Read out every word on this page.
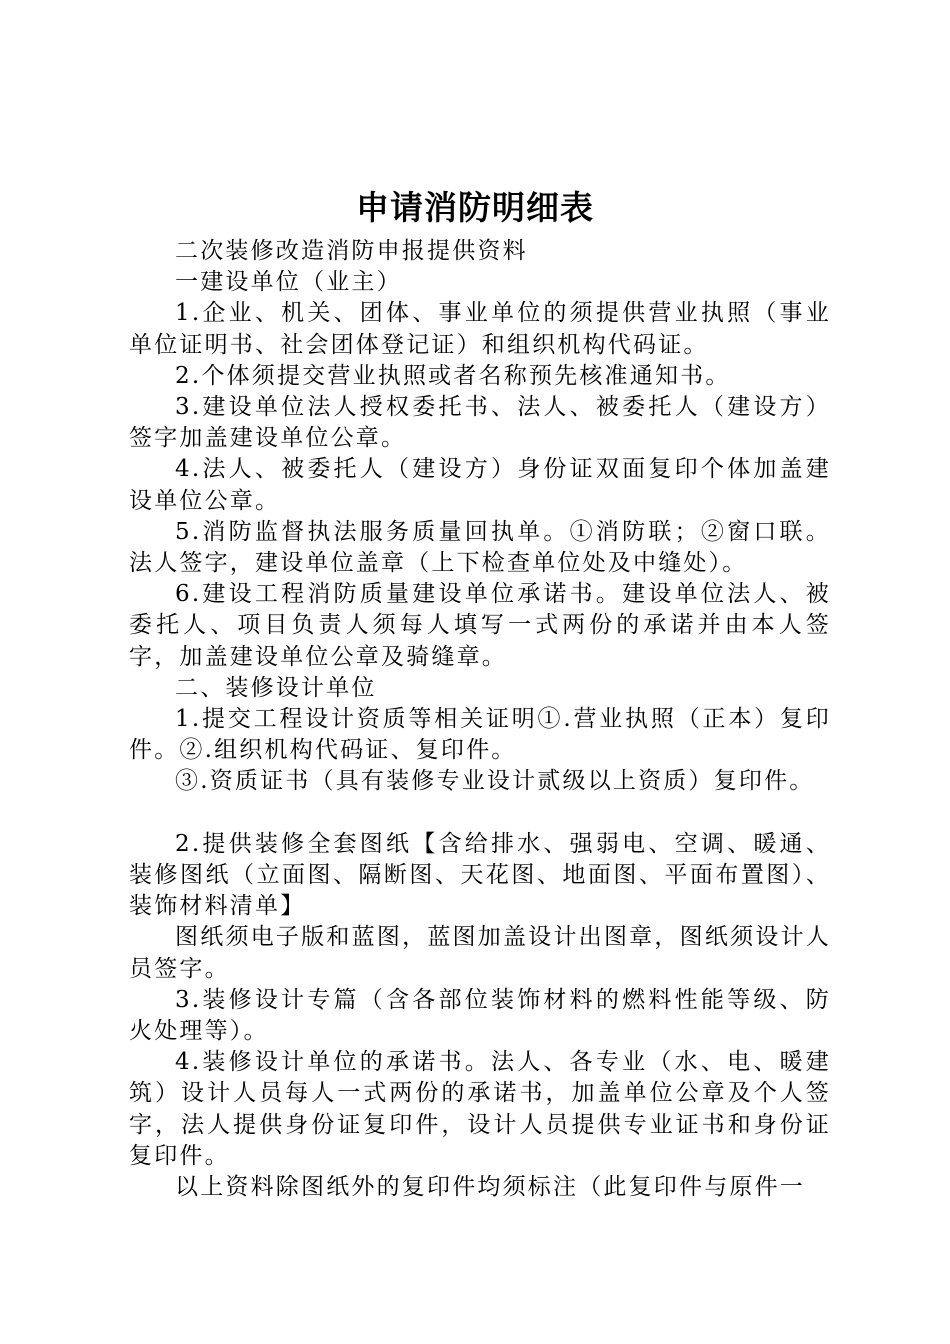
申请消防明细表

二次装修改造消防申报提供资料

一建设单位（业主）

1.企业、机关、团体、事业单位的须提供营业执照（事业单位证明书、社会团体登记证）和组织机构代码证。

2.个体须提交营业执照或者名称预先核准通知书。

3.建设单位法人授权委托书、法人、被委托人（建设方）签字加盖建设单位公章。

4.法人、被委托人（建设方）身份证双面复印个体加盖建设单位公章。

5.消防监督执法服务质量回执单。①消防联；②窗口联。法人签字，建设单位盖章（上下检查单位处及中缝处）。

6.建设工程消防质量建设单位承诺书。建设单位法人、被委托人、项目负责人须每人填写一式两份的承诺并由本人签字，加盖建设单位公章及骑缝章。

二、装修设计单位

1.提交工程设计资质等相关证明①.营业执照（正本）复印件。②.组织机构代码证、复印件。

③.资质证书（具有装修专业设计贰级以上资质）复印件。

2.提供装修全套图纸【含给排水、强弱电、空调、暖通、装修图纸（立面图、隔断图、天花图、地面图、平面布置图）、装饰材料清单】

图纸须电子版和蓝图，蓝图加盖设计出图章，图纸须设计人员签字。

3.装修设计专篇（含各部位装饰材料的燃料性能等级、防火处理等）。

4.装修设计单位的承诺书。法人、各专业（水、电、暖建筑）设计人员每人一式两份的承诺书，加盖单位公章及个人签字，法人提供身份证复印件，设计人员提供专业证书和身份证复印件。

以上资料除图纸外的复印件均须标注（此复印件与原件一
